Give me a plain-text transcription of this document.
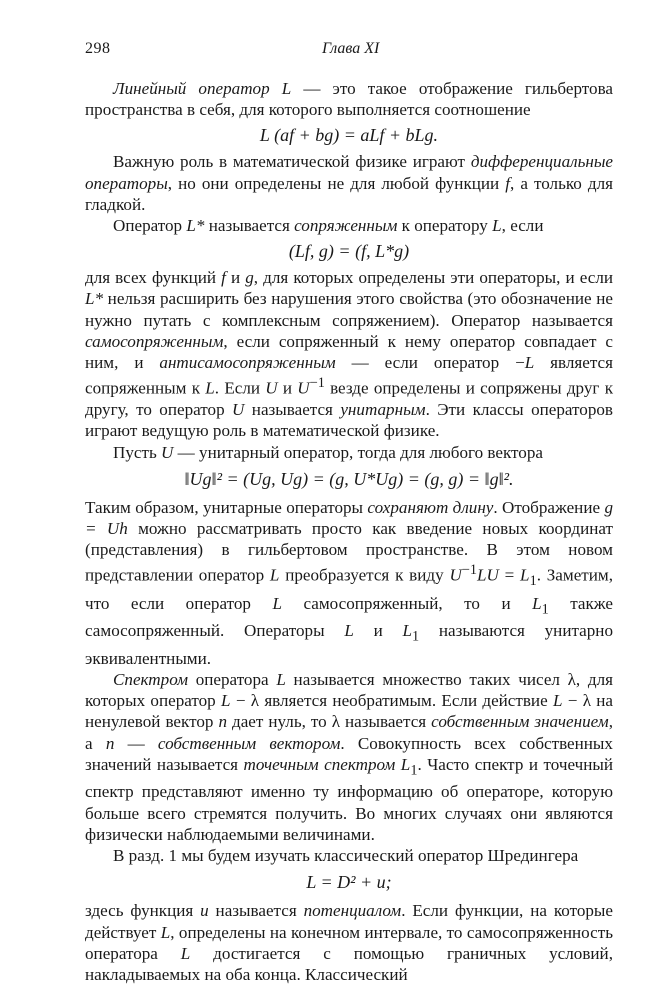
298	Глава XI

Линейный оператор L — это такое отображение гильбертова пространства в себя, для которого выполняется соотношение

L (af + bg) = aLf + bLg.

Важную роль в математической физике играют дифференциальные операторы, но они определены не для любой функции f, а только для гладкой.

Оператор L* называется сопряженным к оператору L, если

(Lf, g) = (f, L*g)

для всех функций f и g, для которых определены эти операторы, и если L* нельзя расширить без нарушения этого свойства (это обозначение не нужно путать с комплексным сопряжением). Оператор называется самосопряженным, если сопряженный к нему оператор совпадает с ним, и антисамосопряженным — если оператор −L является сопряженным к L. Если U и $U^{-1}$ везде определены и сопряжены друг к другу, то оператор U называется унитарным. Эти классы операторов играют ведущую роль в математической физике.

Пусть U — унитарный оператор, тогда для любого вектора

‖Ug‖² = (Ug, Ug) = (g, U*Ug) = (g, g) = ‖g‖².

Таким образом, унитарные операторы сохраняют длину. Отображение g = Uh можно рассматривать просто как введение новых координат (представления) в гильбертовом пространстве. В этом новом представлении оператор L преобразуется к виду $U^{-1}LU = L_1$. Заметим, что если оператор L самосопряженный, то и $L_1$ также самосопряженный. Операторы L и $L_1$ называются унитарно эквивалентными.

Спектром оператора L называется множество таких чисел λ, для которых оператор L − λ является необратимым. Если действие L − λ на ненулевой вектор n дает нуль, то λ называется собственным значением, а n — собственным вектором. Совокупность всех собственных значений называется точечным спектром $L_1$. Часто спектр и точечный спектр представляют именно ту информацию об операторе, которую больше всего стремятся получить. Во многих случаях они являются физически наблюдаемыми величинами.

В разд. 1 мы будем изучать классический оператор Шредингера

L = D² + u;

здесь функция u называется потенциалом. Если функции, на которые действует L, определены на конечном интервале, то самосопряженность оператора L достигается с помощью граничных условий, накладываемых на оба конца. Классический
